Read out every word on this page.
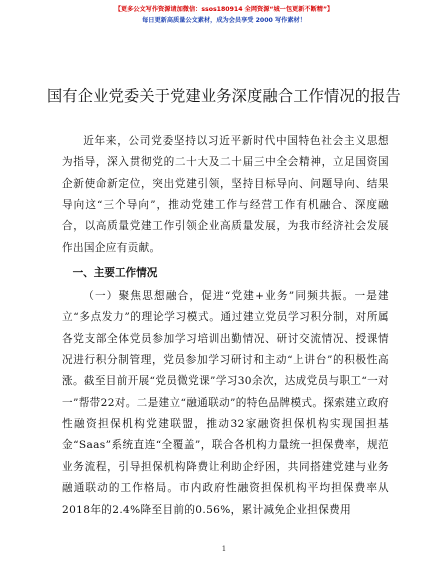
【更多公文写作资源请加微信：ssos180914 全网资源“城一包更新不断精”】
每日更新高质量公文素材，成为会员享受 2000 写作素材！
国有企业党委关于党建业务深度融合工作情况的报告

近年来，公司党委坚持以习近平新时代中国特色社会主义思想为指导，深入贯彻党的二十大及二十届三中全会精神，立足国资国企新使命新定位，突出党建引领，坚持目标导向、问题导向、结果导向这“三个导向”，推动党建工作与经营工作有机融合、深度融合，以高质量党建工作引领企业高质量发展，为我市经济社会发展作出国企应有贡献。

一、主要工作情况

（一）聚焦思想融合，促进“党建+业务”同频共振。一是建立“多点发力”的理论学习模式。通过建立党员学习积分制，对所属各党支部全体党员参加学习培训出勤情况、研讨交流情况、授课情况进行积分制管理，党员参加学习研讨和主动“上讲台”的积极性高涨。截至目前开展“党员微党课”学习30余次，达成党员与职工“一对一”帮带22对。二是建立“融通联动”的特色品牌模式。探索建立政府性融资担保机构党建联盟，推动32家融资担保机构实现国担基金“Saas”系统直连“全覆盖”，联合各机构力量统一担保费率，规范业务流程，引导担保机构降费让利助企纾困，共同搭建党建与业务融通联动的工作格局。市内政府性融资担保机构平均担保费率从2018年的2.4%降至目前的0.56%，累计减免企业担保费用

1
